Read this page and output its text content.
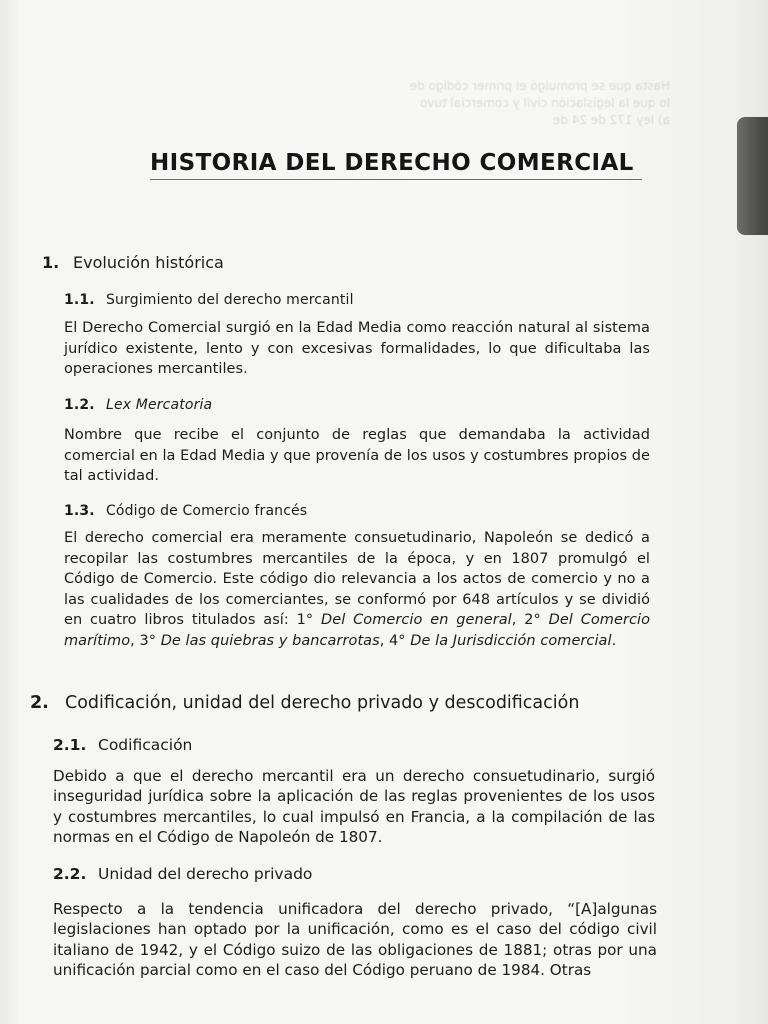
Hasta que se promulgó el primer código de
lo que la legislación civil y comercial tuvo
a) ley 172 de 24 de
HISTORIA DEL DERECHO COMERCIAL
1. Evolución histórica
1.1. Surgimiento del derecho mercantil

El Derecho Comercial surgió en la Edad Media como reacción natural al sistema jurídico existente, lento y con excesivas formalidades, lo que dificultaba las operaciones mercantiles.

1.2. Lex Mercatoria

Nombre que recibe el conjunto de reglas que demandaba la actividad comercial en la Edad Media y que provenía de los usos y costumbres propios de tal actividad.

1.3. Código de Comercio francés

El derecho comercial era meramente consuetudinario, Napoleón se dedicó a recopilar las costumbres mercantiles de la época, y en 1807 promulgó el Código de Comercio. Este código dio relevancia a los actos de comercio y no a las cualidades de los comerciantes, se conformó por 648 artículos y se dividió en cuatro libros titulados así: 1° Del Comercio en general, 2° Del Comercio marítimo, 3° De las quiebras y bancarrotas, 4° De la Jurisdicción comercial.

2. Codificación, unidad del derecho privado y descodificación
2.1. Codificación

Debido a que el derecho mercantil era un derecho consuetudinario, surgió inseguridad jurídica sobre la aplicación de las reglas provenientes de los usos y costumbres mercantiles, lo cual impulsó en Francia, a la compilación de las normas en el Código de Napoleón de 1807.

2.2. Unidad del derecho privado

Respecto a la tendencia unificadora del derecho privado, “[A]algunas legislaciones han optado por la unificación, como es el caso del código civil italiano de 1942, y el Código suizo de las obligaciones de 1881; otras por una unificación parcial como en el caso del Código peruano de 1984. Otras
